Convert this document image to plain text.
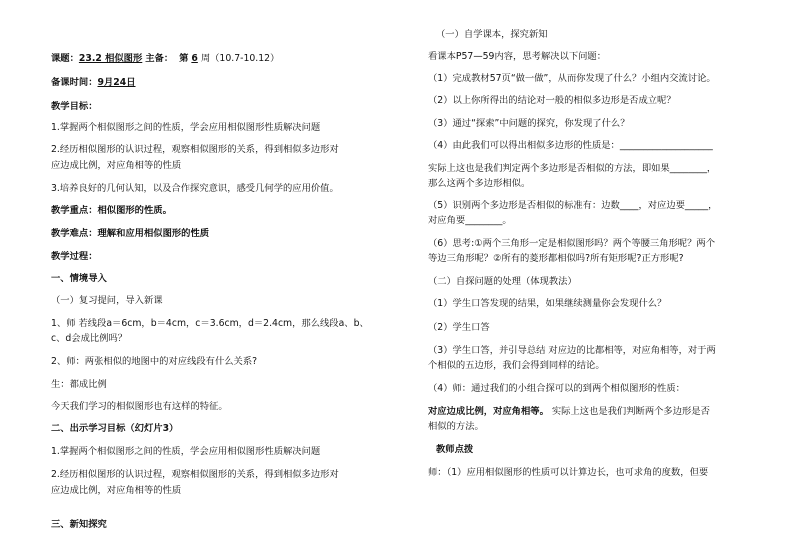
课题：23.2 相似图形 主备： 第 6 周（10.7-10.12）
备课时间：9月24日
教学目标：
1.掌握两个相似图形之间的性质，学会应用相似图形性质解决问题
2.经历相似图形的认识过程，观察相似图形的关系，得到相似多边形对
应边成比例，对应角相等的性质
3.培养良好的几何认知，以及合作探究意识，感受几何学的应用价值。
教学重点：相似图形的性质。
教学难点：理解和应用相似图形的性质
教学过程：
一、情境导入
（一）复习提问，导入新课
1、师 若线段a＝6cm，b＝4cm，c＝3.6cm，d＝2.4cm，那么线段a、b、
c、d会成比例吗？
2、师：两张相似的地图中的对应线段有什么关系?
生：都成比例
今天我们学习的相似图形也有这样的特征。
二、出示学习目标（幻灯片3）
1.掌握两个相似图形之间的性质，学会应用相似图形性质解决问题
2.经历相似图形的认识过程，观察相似图形的关系，得到相似多边形对
应边成比例，对应角相等的性质
三、新知探究
（一）自学课本，探究新知
看课本P57—59内容，思考解决以下问题：
（1）完成教材57页“做一做”，从而你发现了什么？小组内交流讨论。
（2）以上你所得出的结论对一般的相似多边形是否成立呢？
（3）通过“探索”中问题的探究，你发现了什么？
（4）由此我们可以得出相似多边形的性质是：____________________
实际上这也是我们判定两个多边形是否相似的方法，即如果________，
那么这两个多边形相似。
（5）识别两个多边形是否相似的标准有：边数____，对应边要_____，
对应角要________。
（6）思考:①两个三角形一定是相似图形吗？两个等腰三角形呢？两个
等边三角形呢？②所有的菱形都相似吗?所有矩形呢?正方形呢?
（二）自探问题的处理（体现教法）
（1）学生口答发现的结果，如果继续测量你会发现什么？
（2）学生口答
（3）学生口答，并引导总结 对应边的比都相等，对应角相等，对于两
个相似的五边形，我们会得到同样的结论。
（4）师：通过我们的小组合探可以的到两个相似图形的性质：
对应边成比例，对应角相等。 实际上这也是我们判断两个多边形是否
相似的方法。
教师点拨
师：（1）应用相似图形的性质可以计算边长，也可求角的度数，但要
